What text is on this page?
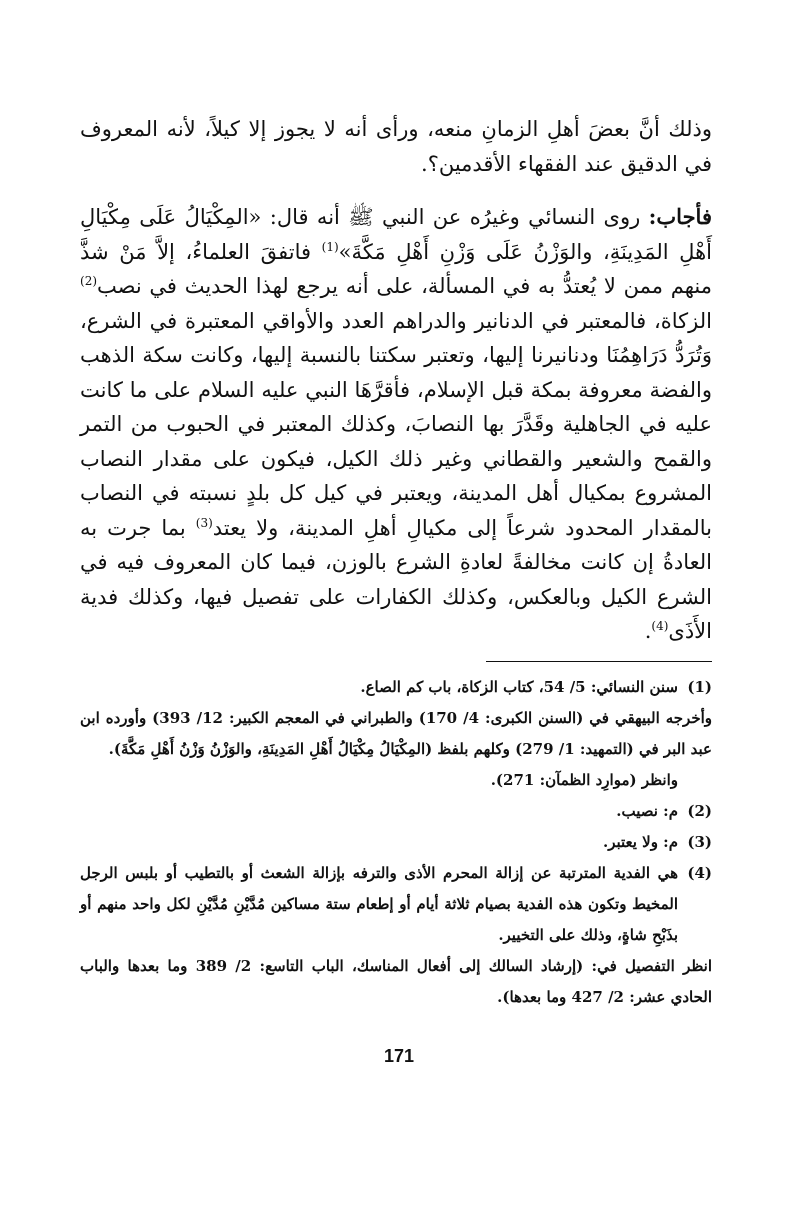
وذلك أنَّ بعضَ أهلِ الزمانِ منعه، ورأى أنه لا يجوز إلا كيلاً، لأنه المعروف في الدقيق عند الفقهاء الأقدمين؟.

فأجاب: روى النسائي وغيرُه عن النبي ﷺ أنه قال: «المِكْيَالُ عَلَى مِكْيَالِ أَهْلِ المَدِينَةِ، والوَزْنُ عَلَى وَزْنِ أَهْلِ مَكَّةَ»$^{(1)}$ فاتفقَ العلماءُ، إلاَّ مَنْ شذَّ منهم ممن لا يُعتدُّ به في المسألة، على أنه يرجع لهذا الحديث في نصب$^{(2)}$ الزكاة، فالمعتبر في الدنانير والدراهم العدد والأواقي المعتبرة في الشرع، وَتُرَدُّ دَرَاهِمُنَا ودنانيرنا إليها، وتعتبر سكتنا بالنسبة إليها، وكانت سكة الذهب والفضة معروفة بمكة قبل الإسلام، فأقرَّهَا النبي عليه السلام على ما كانت عليه في الجاهلية وقَدَّرَ بها النصابَ، وكذلك المعتبر في الحبوب من التمر والقمح والشعير والقطاني وغير ذلك الكيل، فيكون على مقدار النصاب المشروع بمكيال أهل المدينة، ويعتبر في كيل كل بلدٍ نسبته في النصاب بالمقدار المحدود شرعاً إلى مكيالِ أهلِ المدينة، ولا يعتد$^{(3)}$ بما جرت به العادةُ إن كانت مخالفةً لعادةِ الشرع بالوزن، فيما كان المعروف فيه في الشرع الكيل وبالعكس، وكذلك الكفارات على تفصيل فيها، وكذلك فدية الأَذَى$^{(4)}$.

(1)
سنن النسائي: 5/ 54، كتاب الزكاة، باب كم الصاع.
وأخرجه البيهقي في (السنن الكبرى: 4/ 170) والطبراني في المعجم الكبير: 12/ 393) وأورده ابن عبد البر في (التمهيد: 1/ 279) وكلهم بلفظ (المِكْيَالُ مِكْيَالُ أَهْلِ المَدِينَةِ، والوَزْنُ وَزْنُ أَهْلِ مَكَّةَ).
وانظر (موارِد الظمآن: 271).
(2)
م: نصيب.
(3)
م: ولا يعتبر.
(4)
هي الفدية المترتبة عن إزالة المحرم الأذى والترفه بإزالة الشعث أو بالتطيب أو بلبس الرجل المخيط وتكون هذه الفدية بصيام ثلاثة أيام أو إطعام ستة مساكين مُدَّيْنِ مُدَّيْنِ لكل واحد منهم أو بذَبْحِ شاةٍ، وذلك على التخيير.
انظر التفصيل في: (إرشاد السالك إلى أفعال المناسك، الباب التاسع: 2/ 389 وما بعدها والباب الحادي عشر: 2/ 427 وما بعدها).
171
